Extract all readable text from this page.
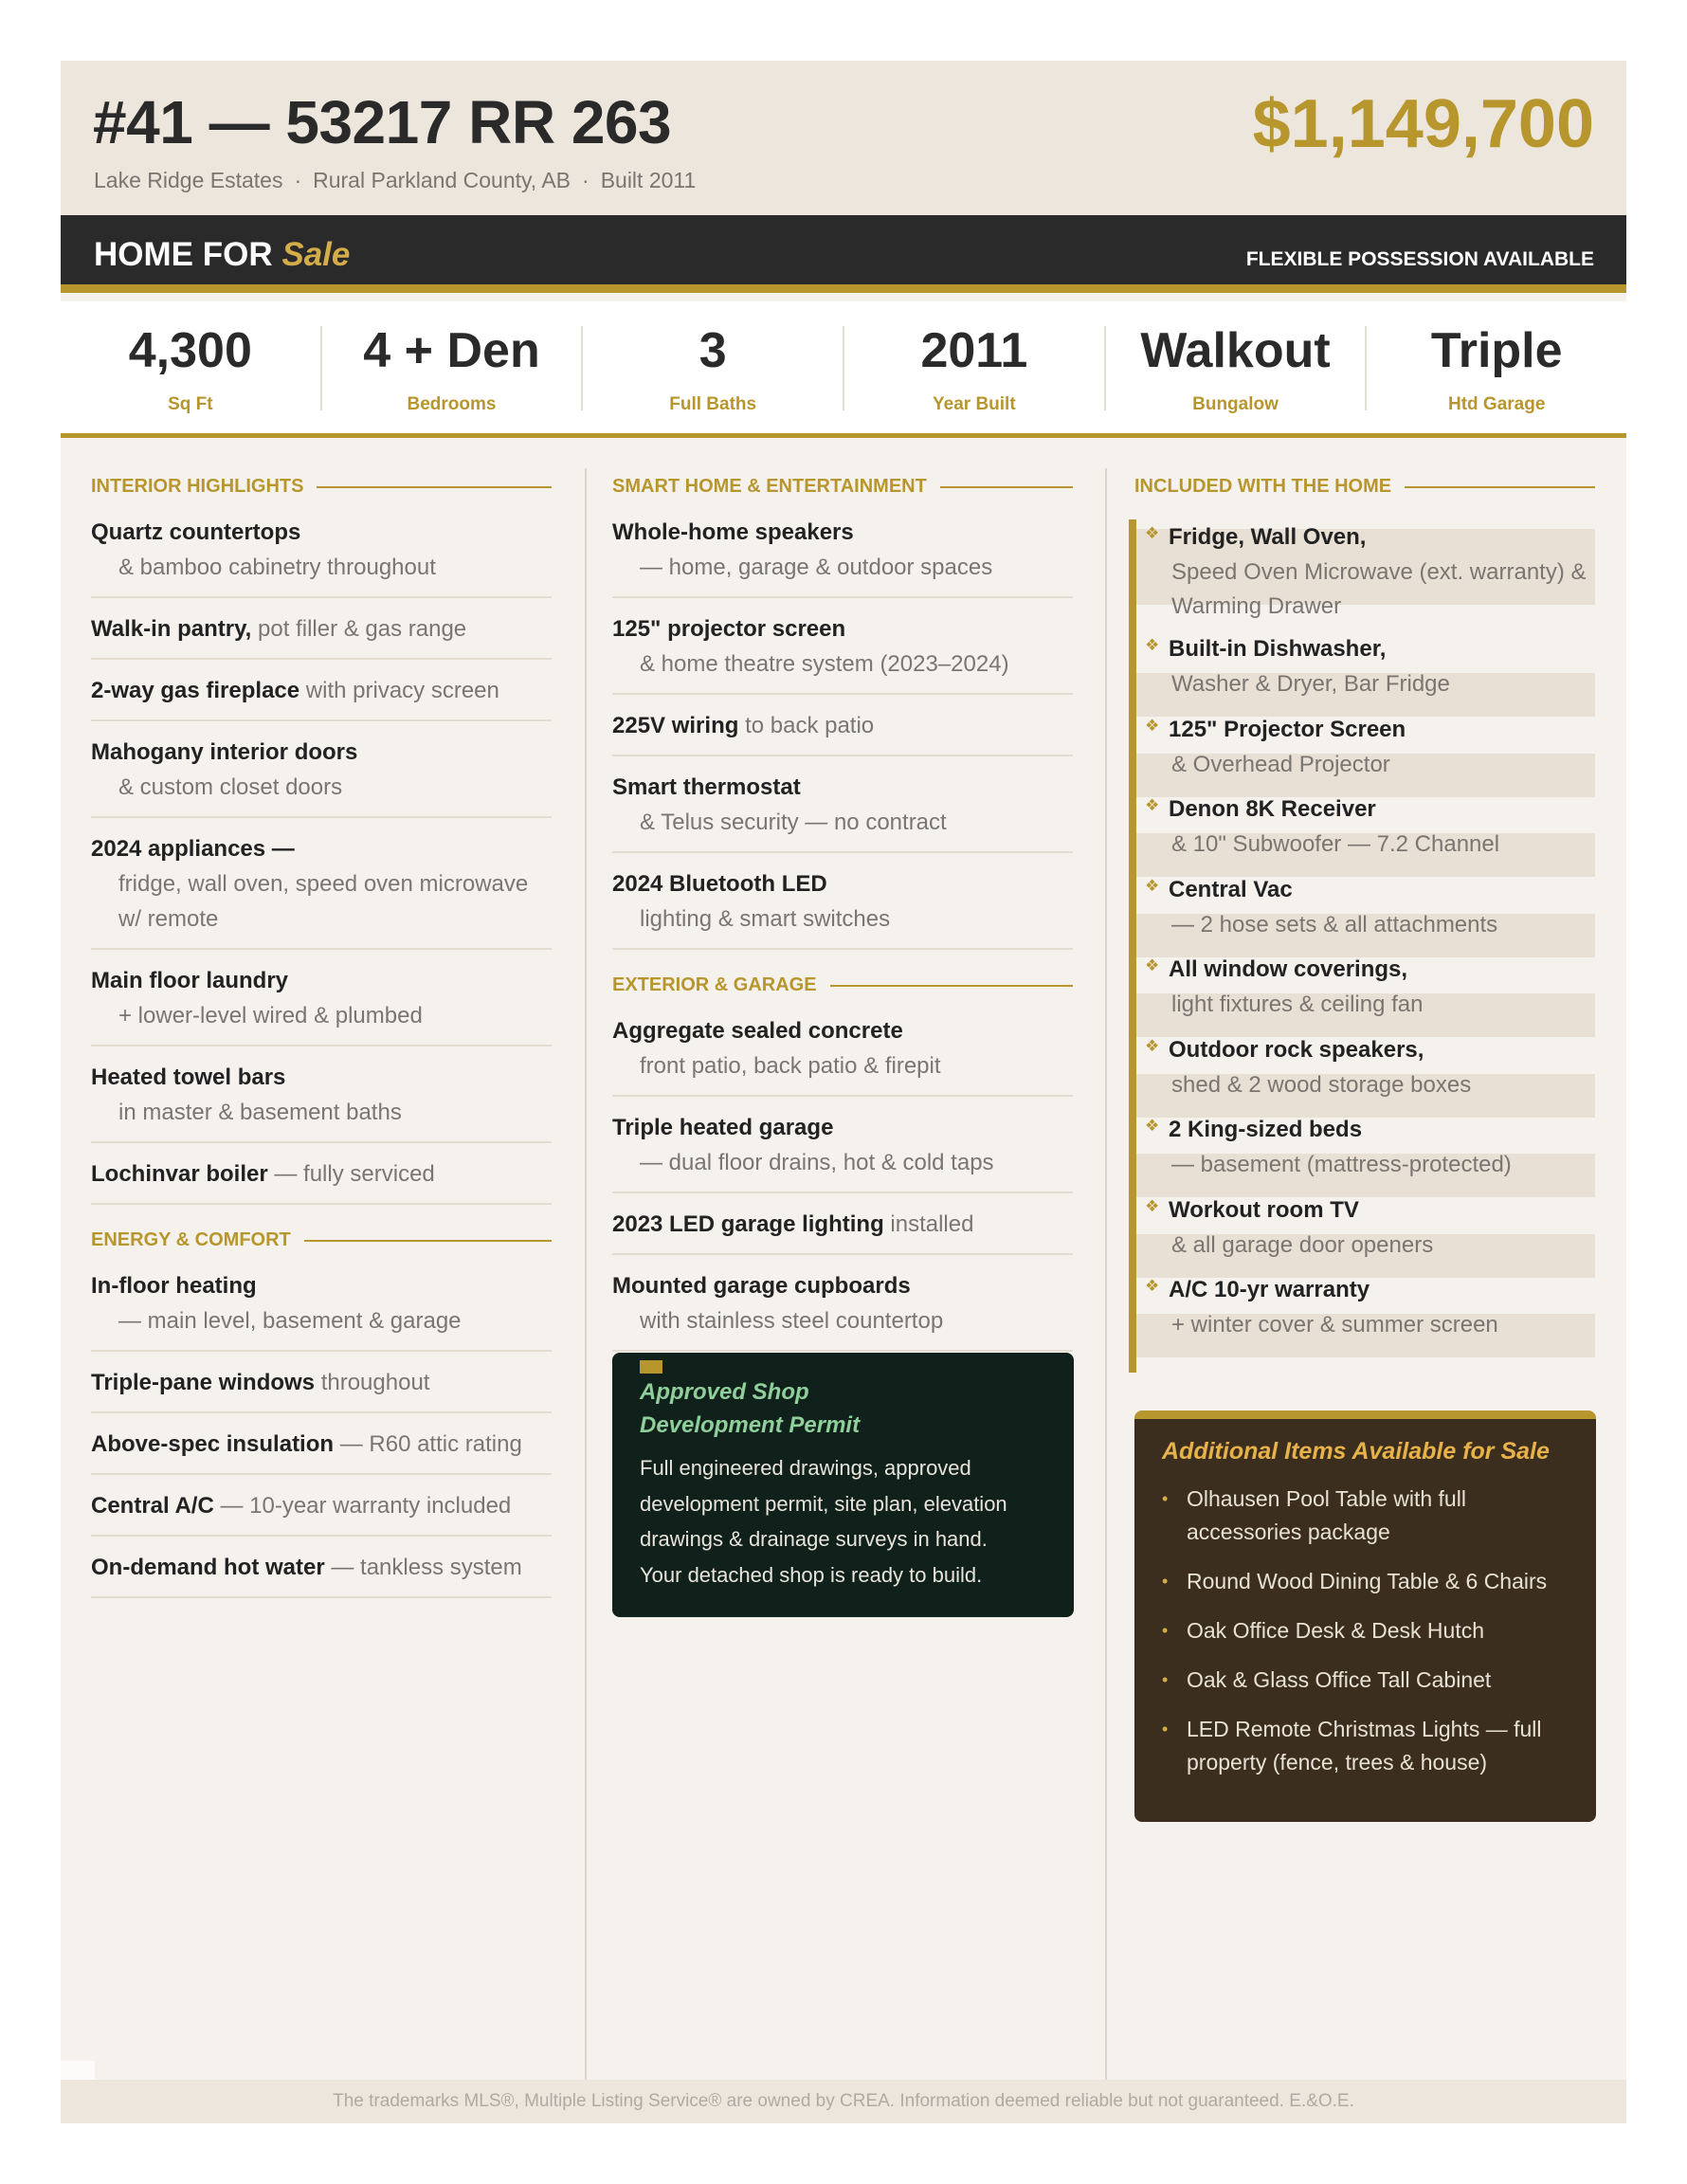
#41 — 53217 RR 263
Lake Ridge Estates · Rural Parkland County, AB · Built 2011
$1,149,700
HOME FOR Sale	FLEXIBLE POSSESSION AVAILABLE
4,300
Sq Ft
4 + Den
Bedrooms
3
Full Baths
2011
Year Built
Walkout
Bungalow
Triple
Htd Garage
INTERIOR HIGHLIGHTS
Quartz countertops
& bamboo cabinetry throughout
Walk-in pantry, pot filler & gas range
2-way gas fireplace with privacy screen
Mahogany interior doors
& custom closet doors
2024 appliances —
fridge, wall oven, speed oven microwave w/ remote
Main floor laundry
+ lower-level wired & plumbed
Heated towel bars
in master & basement baths
Lochinvar boiler — fully serviced
ENERGY & COMFORT
In-floor heating
— main level, basement & garage
Triple-pane windows throughout
Above-spec insulation — R60 attic rating
Central A/C — 10-year warranty included
On-demand hot water — tankless system
SMART HOME & ENTERTAINMENT
Whole-home speakers
— home, garage & outdoor spaces
125" projector screen
& home theatre system (2023–2024)
225V wiring to back patio
Smart thermostat
& Telus security — no contract
2024 Bluetooth LED
lighting & smart switches
EXTERIOR & GARAGE
Aggregate sealed concrete
front patio, back patio & firepit
Triple heated garage
— dual floor drains, hot & cold taps
2023 LED garage lighting installed
Mounted garage cupboards
with stainless steel countertop
Approved Shop
Development Permit
Full engineered drawings, approved development permit, site plan, elevation drawings & drainage surveys in hand.
Your detached shop is ready to build.
INCLUDED WITH THE HOME
❖ Fridge, Wall Oven,
Speed Oven Microwave (ext. warranty) & Warming Drawer
❖ Built-in Dishwasher,
Washer & Dryer, Bar Fridge
❖ 125" Projector Screen
& Overhead Projector
❖ Denon 8K Receiver
& 10" Subwoofer — 7.2 Channel
❖ Central Vac
— 2 hose sets & all attachments
❖ All window coverings,
light fixtures & ceiling fan
❖ Outdoor rock speakers,
shed & 2 wood storage boxes
❖ 2 King-sized beds
— basement (mattress-protected)
❖ Workout room TV
& all garage door openers
❖ A/C 10-yr warranty
+ winter cover & summer screen
Additional Items Available for Sale
• Olhausen Pool Table with full accessories package
• Round Wood Dining Table & 6 Chairs
• Oak Office Desk & Desk Hutch
• Oak & Glass Office Tall Cabinet
• LED Remote Christmas Lights — full property (fence, trees & house)
The trademarks MLS®, Multiple Listing Service® are owned by CREA. Information deemed reliable but not guaranteed. E.&O.E.
